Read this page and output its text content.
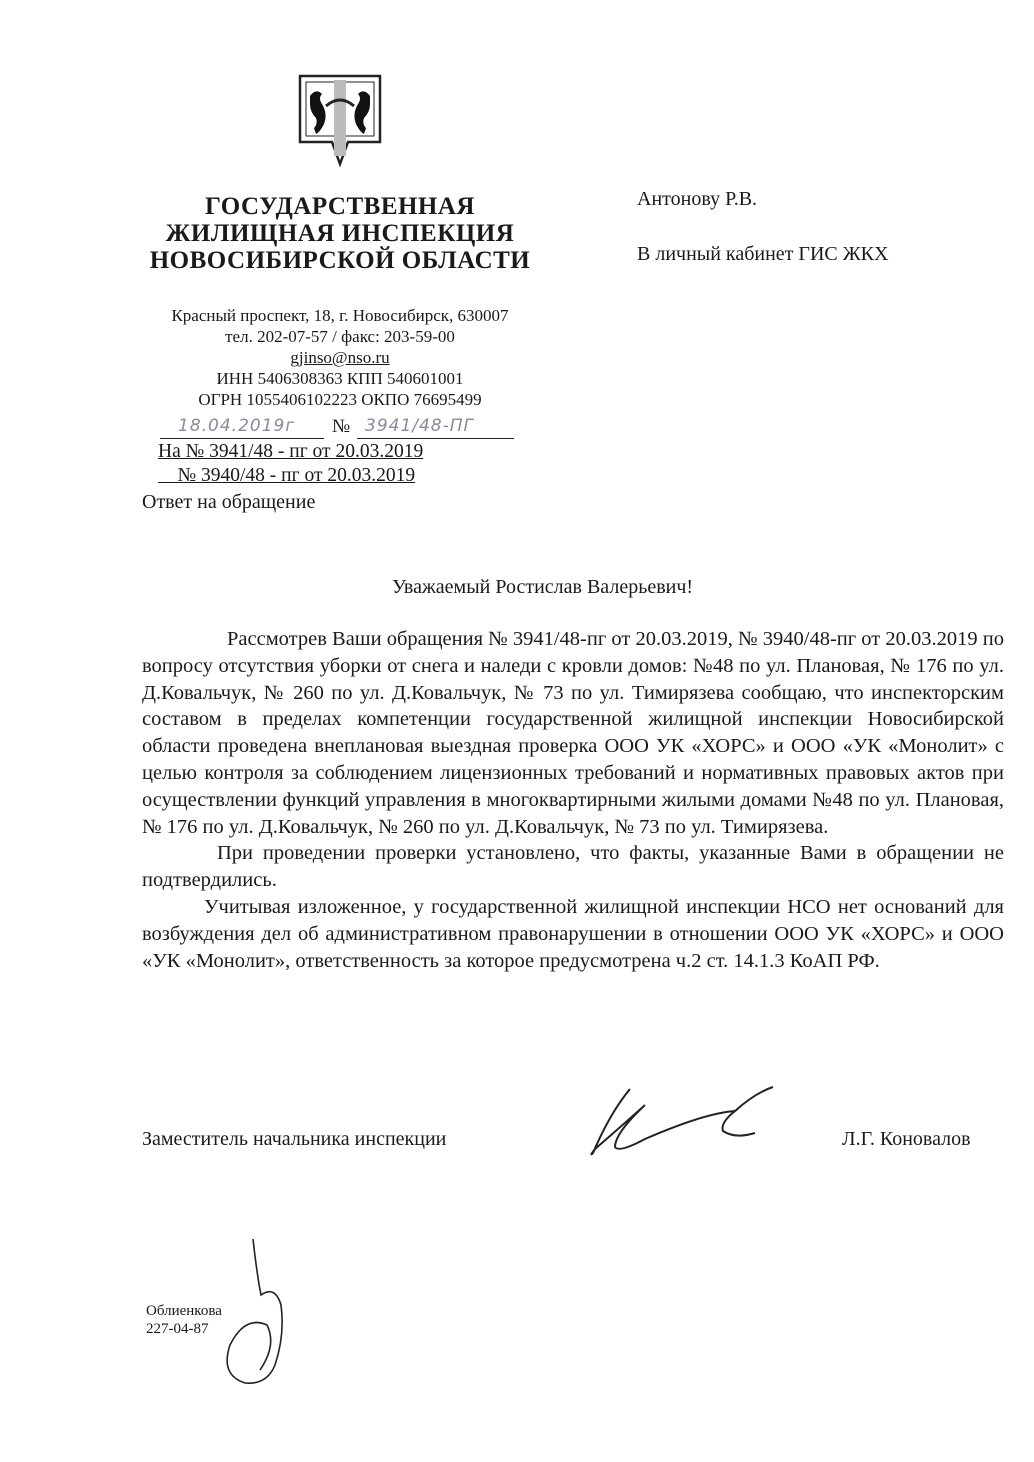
ГОСУДАРСТВЕННАЯ
ЖИЛИЩНАЯ ИНСПЕКЦИЯ
НОВОСИБИРСКОЙ ОБЛАСТИ
Красный проспект, 18, г. Новосибирск, 630007
тел. 202-07-57 / факс: 203-59-00
gjinso@nso.ru
ИНН 5406308363 КПП 540601001
ОГРН 1055406102223 ОКПО 76695499
18.04.2019г № 3941/48-ПГ
На № 3941/48 - пг от 20.03.2019
№ 3940/48 - пг от 20.03.2019
Ответ на обращение
Антонову Р.В.
В личный кабинет ГИС ЖКХ
Уважаемый Ростислав Валерьевич!

Рассмотрев Ваши обращения № 3941/48-пг от 20.03.2019, № 3940/48-пг от 20.03.2019 по вопросу отсутствия уборки от снега и наледи с кровли домов: №48 по ул. Плановая, № 176 по ул. Д.Ковальчук, № 260 по ул. Д.Ковальчук, № 73 по ул. Тимирязева сообщаю, что инспекторским составом в пределах компетенции государственной жилищной инспекции Новосибирской области проведена внеплановая выездная проверка ООО УК «ХОРС» и ООО «УК «Монолит» с целью контроля за соблюдением лицензионных требований и нормативных правовых актов при осуществлении функций управления в многоквартирными жилыми домами №48 по ул. Плановая, № 176 по ул. Д.Ковальчук, № 260 по ул. Д.Ковальчук, № 73 по ул. Тимирязева.

При проведении проверки установлено, что факты, указанные Вами в обращении не подтвердились.

Учитывая изложенное, у государственной жилищной инспекции НСО нет оснований для возбуждения дел об административном правонарушении в отношении ООО УК «ХОРС» и ООО «УК «Монолит», ответственность за которое предусмотрена ч.2 ст. 14.1.3 КоАП РФ.

Заместитель начальника инспекции	Л.Г. Коновалов
Облиенкова
227-04-87
